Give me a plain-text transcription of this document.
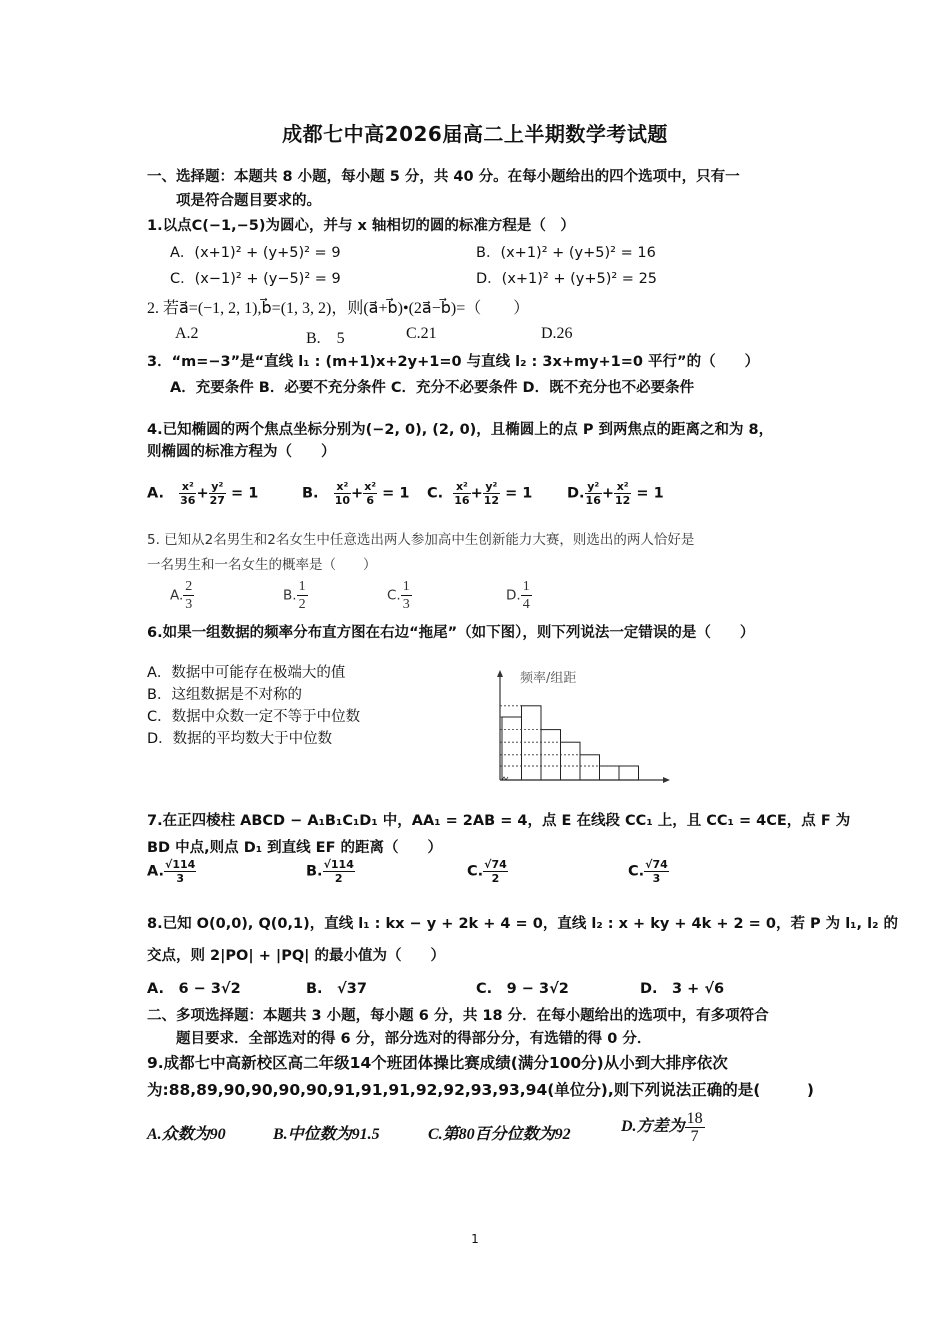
成都七中高2026届高二上半期数学考试题
一、选择题：本题共 8 小题，每小题 5 分，共 40 分。在每小题给出的四个选项中，只有一
项是符合题目要求的。
1.以点C(−1,−5)为圆心，并与 x 轴相切的圆的标准方程是（　）
A．(x+1)² + (y+5)² = 9	B．(x+1)² + (y+5)² = 16
C．(x−1)² + (y−5)² = 9	D．(x+1)² + (y+5)² = 25
2. 若a⃗=(−1, 2, 1),b⃗=(1, 3, 2)，则(a⃗+b⃗)•(2a⃗−b⃗)=（　　）
A.2	B.　5	C.21	D.26
3．“m=−3”是“直线 l₁ : (m+1)x+2y+1=0 与直线 l₂ : 3x+my+1=0 平行”的（　　）
A．充要条件 B．必要不充分条件 C．充分不必要条件 D．既不充分也不必要条件
4.已知椭圆的两个焦点坐标分别为(−2, 0), (2, 0)，且椭圆上的点 P 到两焦点的距离之和为 8，
则椭圆的标准方程为（　　）
A. $\frac{\text{x²}}{36} + \frac{\text{y²}}{27} = 1$	B. $\frac{\text{x²}}{10} + \frac{\text{x²}}{6} = 1$ C. $\frac{\text{x²}}{16} + \frac{\text{y²}}{12} = 1$ D. $\frac{\text{y²}}{16} + \frac{\text{x²}}{12} = 1$
5. 已知从2名男生和2名女生中任意选出两人参加高中生创新能力大赛，则选出的两人恰好是
一名男生和一名女生的概率是（　　）
A. $\frac{2}{3}$	B. $\frac{1}{2}$	C. $\frac{1}{3}$	D. $\frac{1}{4}$
6.如果一组数据的频率分布直方图在右边“拖尾”（如下图），则下列说法一定错误的是（　　）
A．数据中可能存在极端大的值
B．这组数据是不对称的
C．数据中众数一定不等于中位数
D．数据的平均数大于中位数
频率/组距
7.在正四棱柱 ABCD − A₁B₁C₁D₁ 中，AA₁ = 2AB = 4，点 E 在线段 CC₁ 上，且 CC₁ = 4CE，点 F 为
BD 中点,则点 D₁ 到直线 EF 的距离（　　）
A. $\frac{√114}{3}$	B. $\frac{√114}{2}$	C. $\frac{√74}{2}$	C. $\frac{√74}{3}$
8.已知 O(0,0), Q(0,1)，直线 l₁ : kx − y + 2k + 4 = 0，直线 l₂ : x + ky + 4k + 2 = 0，若 P 为 l₁, l₂ 的
交点，则 2|PO| + |PQ| 的最小值为（　　）
A.　6 − 3√2	B.　√37	C.　9 − 3√2	D.　3 + √6
二、多项选择题：本题共 3 小题，每小题 6 分，共 18 分．在每小题给出的选项中，有多项符合
题目要求．全部选对的得 6 分，部分选对的得部分分，有选错的得 0 分．
9.成都七中高新校区高二年级14个班团体操比赛成绩(满分100分)从小到大排序依次
为:88,89,90,90,90,90,91,91,91,92,92,93,93,94(单位分),则下列说法正确的是(　　　)
A.众数为90	B.中位数为91.5	C.第80百分位数为92	D.方差为 $\frac{18}{7}$
1
